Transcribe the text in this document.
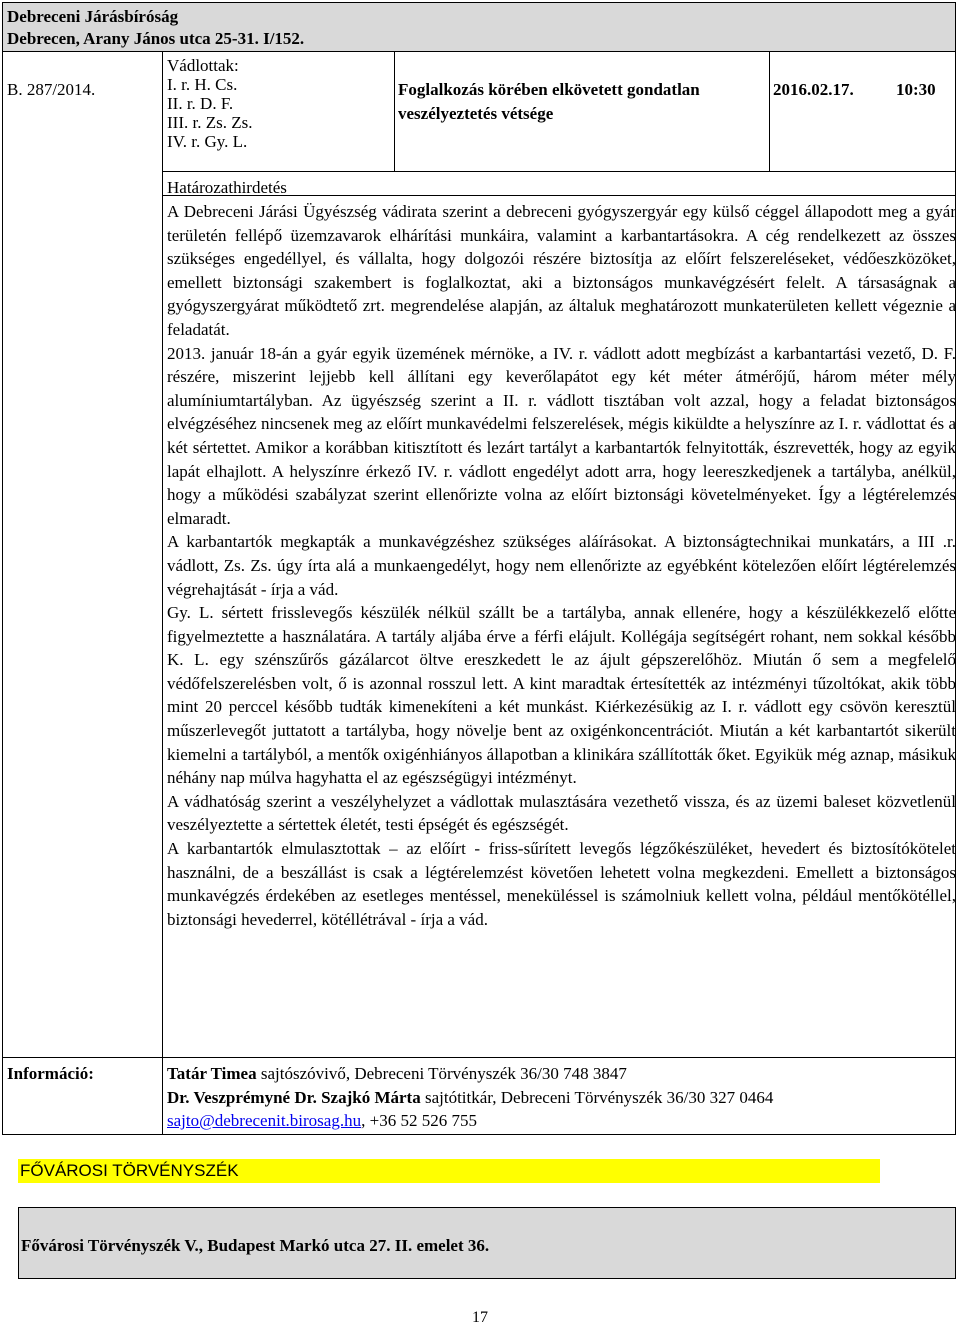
Debreceni Járásbíróság
Debrecen, Arany János utca 25-31. I/152.
B. 287/2014.
Vádlottak:
I. r. H. Cs.
II. r. D. F.
III. r. Zs. Zs.
IV. r. Gy. L.
Foglalkozás körében elkövetett gondatlan veszélyeztetés vétsége
2016.02.17. 10:30
Határozathirdetés

A Debreceni Járási Ügyészség vádirata szerint a debreceni gyógyszergyár egy külső céggel állapodott meg a gyár területén fellépő üzemzavarok elhárítási munkáira, valamint a karbantartásokra. A cég rendelkezett az összes szükséges engedéllyel, és vállalta, hogy dolgozói részére biztosítja az előírt felszereléseket, védőeszközöket, emellett biztonsági szakembert is foglalkoztat, aki a biztonságos munkavégzésért felelt. A társaságnak a gyógyszergyárat működtető zrt. megrendelése alapján, az általuk meghatározott munkaterületen kellett végeznie a feladatát.

2013. január 18-án a gyár egyik üzemének mérnöke, a IV. r. vádlott adott megbízást a karbantartási vezető, D. F. részére, miszerint lejjebb kell állítani egy keverőlapátot egy két méter átmérőjű, három méter mély alumíniumtartályban. Az ügyészség szerint a II. r. vádlott tisztában volt azzal, hogy a feladat biztonságos elvégzéséhez nincsenek meg az előírt munkavédelmi felszerelések, mégis kiküldte a helyszínre az I. r. vádlottat és a két sértettet. Amikor a korábban kitisztított és lezárt tartályt a karbantartók felnyitották, észrevették, hogy az egyik lapát elhajlott. A helyszínre érkező IV. r. vádlott engedélyt adott arra, hogy leereszkedjenek a tartályba, anélkül, hogy a működési szabályzat szerint ellenőrizte volna az előírt biztonsági követelményeket. Így a légtérelemzés elmaradt.

A karbantartók megkapták a munkavégzéshez szükséges aláírásokat. A biztonságtechnikai munkatárs, a III .r. vádlott, Zs. Zs. úgy írta alá a munkaengedélyt, hogy nem ellenőrizte az egyébként kötelezően előírt légtérelemzés végrehajtását - írja a vád.

Gy. L. sértett frisslevegős készülék nélkül szállt be a tartályba, annak ellenére, hogy a készülékkezelő előtte figyelmeztette a használatára. A tartály aljába érve a férfi elájult. Kollégája segítségért rohant, nem sokkal később K. L. egy szénszűrős gázálarcot öltve ereszkedett le az ájult gépszerelőhöz. Miután ő sem a megfelelő védőfelszerelésben volt, ő is azonnal rosszul lett. A kint maradtak értesítették az intézményi tűzoltókat, akik több mint 20 perccel később tudták kimenekíteni a két munkást. Kiérkezésükig az I. r. vádlott egy csövön keresztül műszerlevegőt juttatott a tartályba, hogy növelje bent az oxigénkoncentrációt. Miután a két karbantartót sikerült kiemelni a tartályból, a mentők oxigénhiányos állapotban a klinikára szállították őket. Egyikük még aznap, másikuk néhány nap múlva hagyhatta el az egészségügyi intézményt.

A vádhatóság szerint a veszélyhelyzet a vádlottak mulasztására vezethető vissza, és az üzemi baleset közvetlenül veszélyeztette a sértettek életét, testi épségét és egészségét.

A karbantartók elmulasztottak – az előírt - friss-sűrített levegős légzőkészüléket, hevedert és biztosítókötelet használni, de a beszállást is csak a légtérelemzést követően lehetett volna megkezdeni. Emellett a biztonságos munkavégzés érdekében az esetleges mentéssel, meneküléssel is számolniuk kellett volna, például mentőkötéllel, biztonsági hevederrel, kötéllétrával - írja a vád.

Információ:	Tatár Timea sajtószóvivő, Debreceni Törvényszék 36/30 748 3847
Dr. Veszprémyné Dr. Szajkó Márta sajtótitkár, Debreceni Törvényszék 36/30 327 0464
sajto@debrecenit.birosag.hu, +36 52 526 755
FŐVÁROSI TÖRVÉNYSZÉK
Fővárosi Törvényszék V., Budapest Markó utca 27. II. emelet 36.
17
